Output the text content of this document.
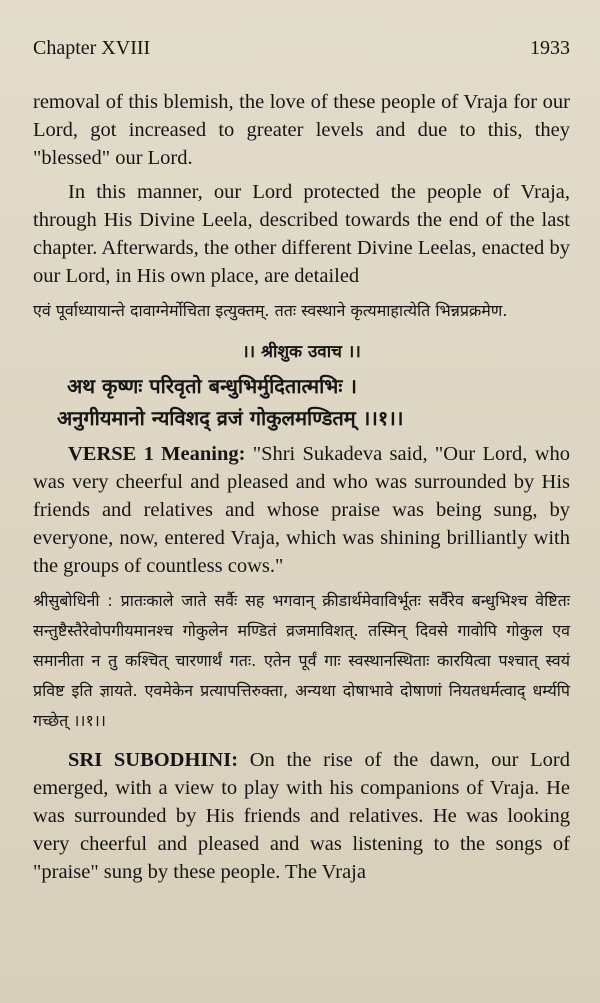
Chapter XVIII	1933

removal of this blemish, the love of these people of Vraja for our Lord, got increased to greater levels and due to this, they "blessed" our Lord.

In this manner, our Lord protected the people of Vraja, through His Divine Leela, described towards the end of the last chapter. Afterwards, the other different Divine Leelas, enacted by our Lord, in His own place, are detailed

एवं पूर्वाध्यायान्ते दावाग्नेर्मोचिता इत्युक्तम्. ततः स्वस्थाने कृत्यमाहात्येति भिन्नप्रक्रमेण.

।। श्रीशुक उवाच ।।

अथ कृष्णः परिवृतो बन्धुभिर्मुदितात्मभिः ।

अनुगीयमानो न्यविशद् व्रजं गोकुलमण्डितम् ।।१।।

VERSE 1 Meaning: "Shri Sukadeva said, "Our Lord, who was very cheerful and pleased and who was surrounded by His friends and relatives and whose praise was being sung, by everyone, now, entered Vraja, which was shining brilliantly with the groups of countless cows."

श्रीसुबोधिनी : प्रातःकाले जाते सर्वैः सह भगवान् क्रीडार्थमेवाविर्भूतः सर्वैरेव बन्धुभिश्च वेष्टितः सन्तुष्टैस्तैरेवोपगीयमानश्च गोकुलेन मण्डितं व्रजमाविशत्. तस्मिन् दिवसे गावोपि गोकुल एव समानीता न तु कश्चित् चारणार्थं गतः. एतेन पूर्वं गाः स्वस्थानस्थिताः कारयित्वा पश्चात् स्वयं प्रविष्ट इति ज्ञायते. एवमेकेन प्रत्यापत्तिरुक्ता, अन्यथा दोषाभावे दोषाणां नियतधर्मत्वाद् धर्म्यपि गच्छेत् ।।१।।

SRI SUBODHINI: On the rise of the dawn, our Lord emerged, with a view to play with his companions of Vraja. He was surrounded by His friends and relatives. He was looking very cheerful and pleased and was listening to the songs of "praise" sung by these people. The Vraja
